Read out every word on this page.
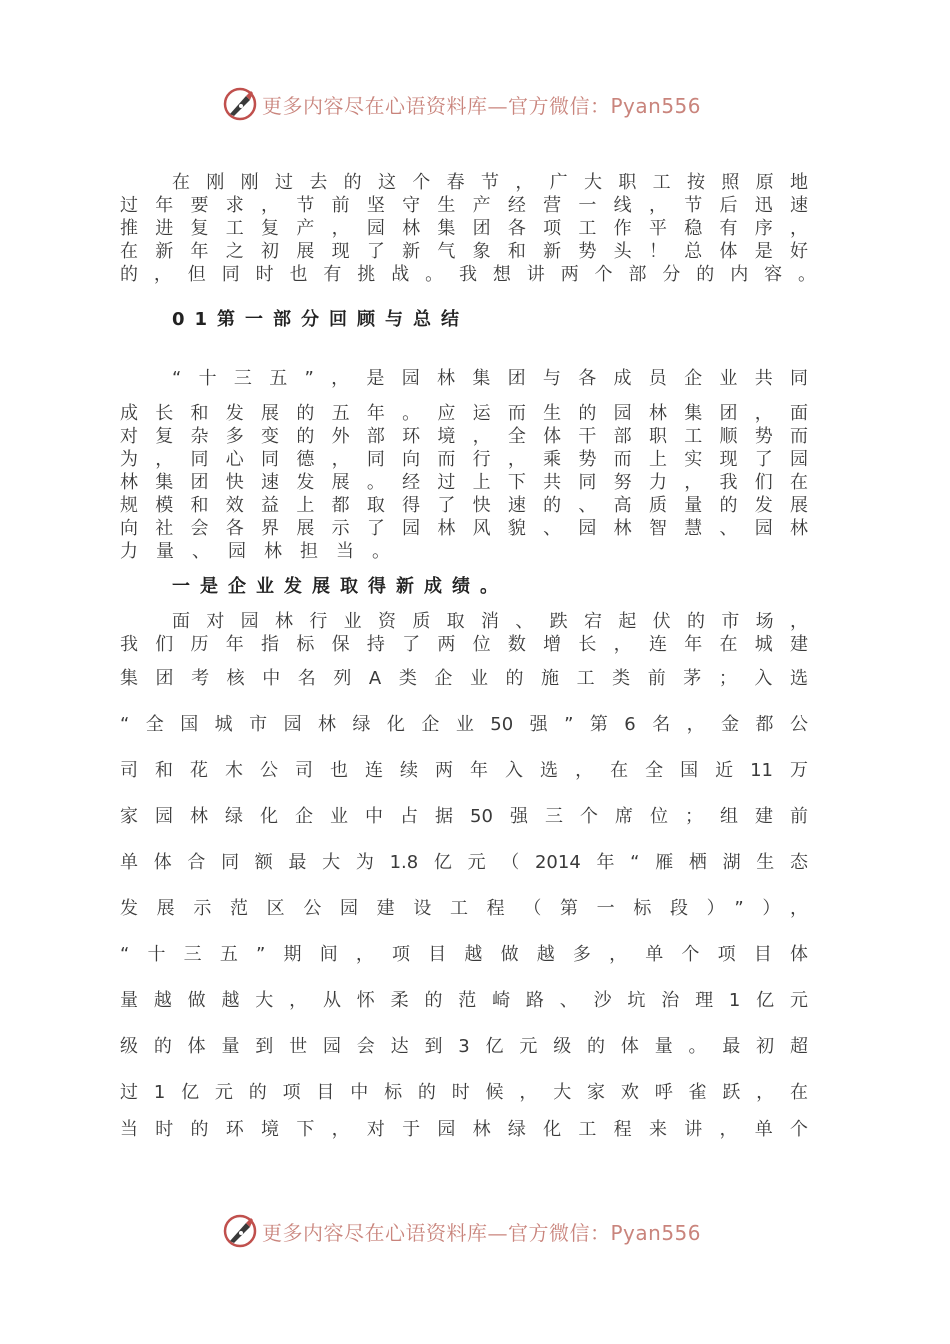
更多内容尽在心语资料库—官方微信：Pyan556
在刚刚过去的这个春节，广大职工按照原地
过年要求，节前坚守生产经营一线，节后迅速
推进复工复产，园林集团各项工作平稳有序，
在新年之初展现了新气象和新势头！总体是好
的，但同时也有挑战。我想讲两个部分的内容。
01第一部分回顾与总结
“十三五”，是园林集团与各成员企业共同
成长和发展的五年。应运而生的园林集团，面
对复杂多变的外部环境，全体干部职工顺势而
为，同心同德，同向而行，乘势而上实现了园
林集团快速发展。经过上下共同努力，我们在
规模和效益上都取得了快速的、高质量的发展
向社会各界展示了园林风貌、园林智慧、园林
力量、园林担当。
一是企业发展取得新成绩。
面对园林行业资质取消、跌宕起伏的市场，
我们历年指标保持了两位数增长，连年在城建
集团考核中名列A类企业的施工类前茅；入选
“全国城市园林绿化企业50强”第6名，金都公
司和花木公司也连续两年入选，在全国近11万
家园林绿化企业中占据50强三个席位；组建前
单体合同额最大为1.8亿元（2014年“雁栖湖生态
发展示范区公园建设工程（第一标段）”），
“十三五”期间，项目越做越多，单个项目体
量越做越大，从怀柔的范崎路、沙坑治理1亿元
级的体量到世园会达到3亿元级的体量。最初超
过1亿元的项目中标的时候，大家欢呼雀跃，在
当时的环境下，对于园林绿化工程来讲，单个
更多内容尽在心语资料库—官方微信：Pyan556
